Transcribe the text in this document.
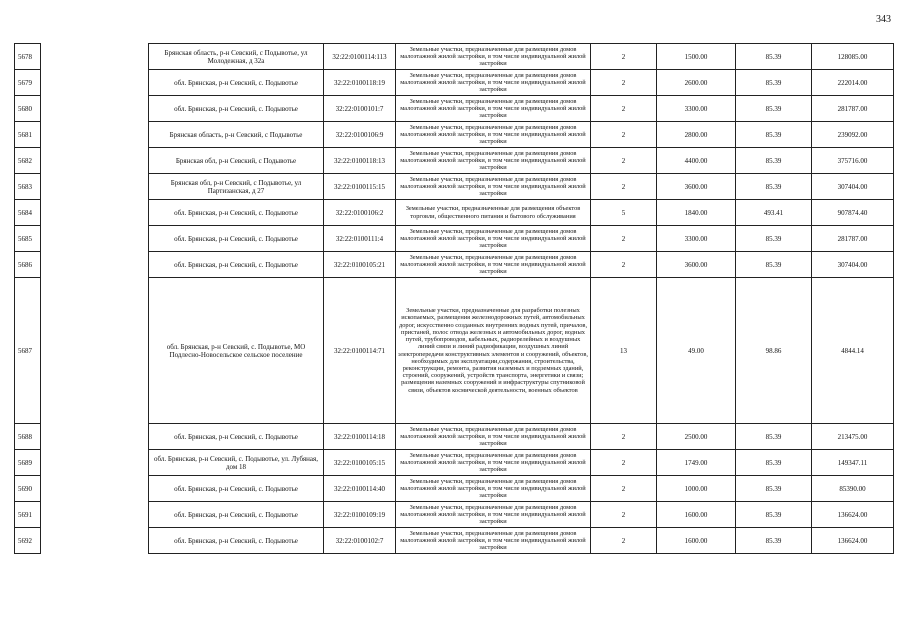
343
5678		Брянская область, р-н Севский, с Подывотье, ул Молодежная, д 32а	32:22:0100114:113	Земельные участки, предназначенные для размещения домов малоэтажной жилой застройки, в том числе индивидуальной жилой застройки	2	1500.00	85.39	128085.00
5679		обл. Брянская, р-н Севский, с. Подывотье	32:22:0100118:19	Земельные участки, предназначенные для размещения домов малоэтажной жилой застройки, в том числе индивидуальной жилой застройки	2	2600.00	85.39	222014.00
5680		обл. Брянская, р-н Севский, с. Подывотье	32:22:0100101:7	Земельные участки, предназначенные для размещения домов малоэтажной жилой застройки, в том числе индивидуальной жилой застройки	2	3300.00	85.39	281787.00
5681		Брянская область, р-н Севский, с Подывотье	32:22:0100106:9	Земельные участки, предназначенные для размещения домов малоэтажной жилой застройки, в том числе индивидуальной жилой застройки	2	2800.00	85.39	239092.00
5682		Брянская обл, р-н Севский, с Подывотье	32:22:0100118:13	Земельные участки, предназначенные для размещения домов малоэтажной жилой застройки, в том числе индивидуальной жилой застройки	2	4400.00	85.39	375716.00
5683		Брянская обл, р-н Севский, с Подывотье, ул Партизанская, д 27	32:22:0100115:15	Земельные участки, предназначенные для размещения домов малоэтажной жилой застройки, в том числе индивидуальной жилой застройки	2	3600.00	85.39	307404.00
5684		обл. Брянская, р-н Севский, с. Подывотье	32:22:0100106:2	Земельные участки, предназначенные для размещения объектов торговли, общественного питания и бытового обслуживания	5	1840.00	493.41	907874.40
5685		обл. Брянская, р-н Севский, с. Подывотье	32:22:0100111:4	Земельные участки, предназначенные для размещения домов малоэтажной жилой застройки, в том числе индивидуальной жилой застройки	2	3300.00	85.39	281787.00
5686		обл. Брянская, р-н Севский, с. Подывотье	32:22:0100105:21	Земельные участки, предназначенные для размещения домов малоэтажной жилой застройки, в том числе индивидуальной жилой застройки	2	3600.00	85.39	307404.00
5687		обл. Брянская, р-н Севский, с. Подывотье, МО Подлесно-Новосельское сельское поселение	32:22:0100114:71	Земельные участки, предназначенные для разработки полезных ископаемых, размещения железнодорожных путей, автомобильных дорог, искусственно созданных внутренних водных путей, причалов, пристаней, полос отвода железных и автомобильных дорог, водных путей, трубопроводов, кабельных, радиорелейных и воздушных линий связи и линий радиофикации, воздушных линий электропередачи конструктивных элементов и сооружений, объектов, необходимых для эксплуатации,содержания, строительства, реконструкции, ремонта, развития наземных и подземных зданий, строений, сооружений, устройств транспорта, энергетики и связи; размещения наземных сооружений и инфраструктуры спутниковой связи, объектов космической деятельности, военных объектов	13	49.00	98.86	4844.14
5688		обл. Брянская, р-н Севский, с. Подывотье	32:22:0100114:18	Земельные участки, предназначенные для размещения домов малоэтажной жилой застройки, в том числе индивидуальной жилой застройки	2	2500.00	85.39	213475.00
5689		обл. Брянская, р-н Севский, с. Подывотье, ул. Лубяная, дом 18	32:22:0100105:15	Земельные участки, предназначенные для размещения домов малоэтажной жилой застройки, в том числе индивидуальной жилой застройки	2	1749.00	85.39	149347.11
5690		обл. Брянская, р-н Севский, с. Подывотье	32:22:0100114:40	Земельные участки, предназначенные для размещения домов малоэтажной жилой застройки, в том числе индивидуальной жилой застройки	2	1000.00	85.39	85390.00
5691		обл. Брянская, р-н Севский, с. Подывотье	32:22:0100109:19	Земельные участки, предназначенные для размещения домов малоэтажной жилой застройки, в том числе индивидуальной жилой застройки	2	1600.00	85.39	136624.00
5692		обл. Брянская, р-н Севский, с. Подывотье	32:22:0100102:7	Земельные участки, предназначенные для размещения домов малоэтажной жилой застройки, в том числе индивидуальной жилой застройки	2	1600.00	85.39	136624.00
